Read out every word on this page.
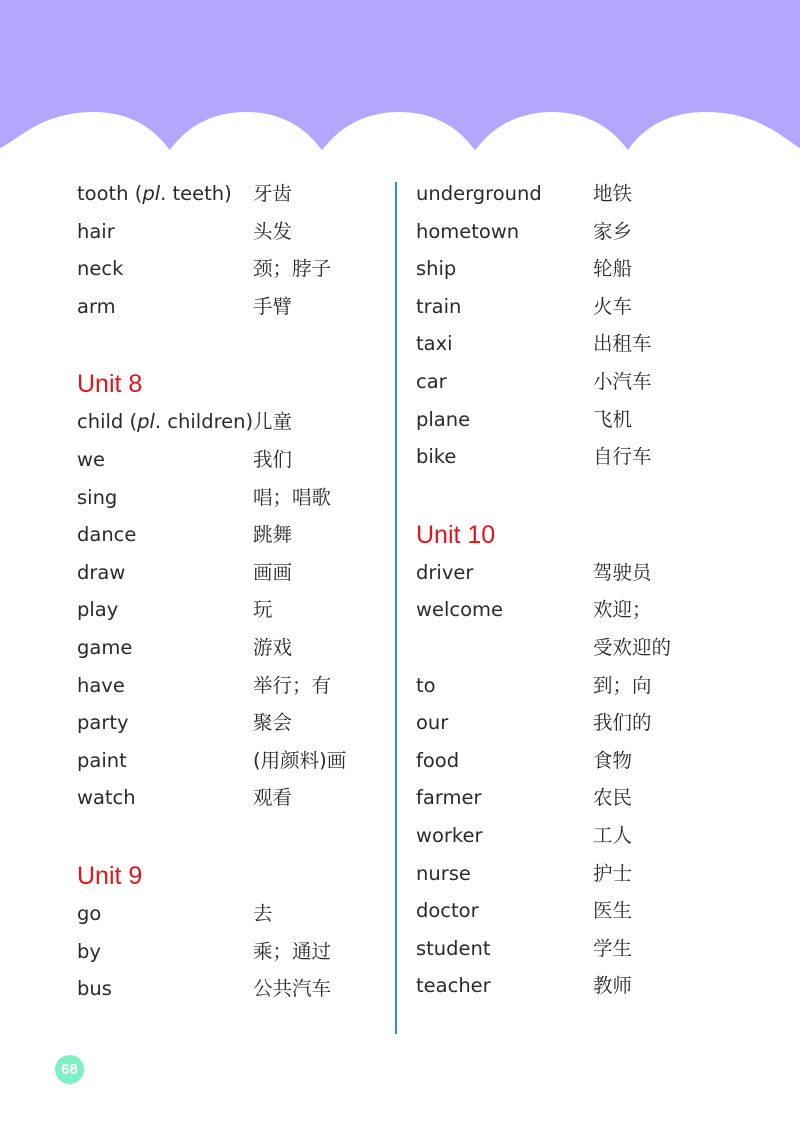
tooth (pl. teeth) 牙齿
hair	头发
neck	颈；脖子
arm	手臂
Unit 8
child (pl. children) 儿童
we	我们
sing	唱；唱歌
dance	跳舞
draw	画画
play	玩
game	游戏
have	举行；有
party	聚会
paint	(用颜料)画
watch	观看
Unit 9
go	去
by	乘；通过
bus	公共汽车
underground	地铁
hometown	家乡
ship	轮船
train	火车
taxi	出租车
car	小汽车
plane	飞机
bike	自行车
Unit 10
driver	驾驶员
welcome	欢迎；
受欢迎的
to	到；向
our	我们的
food	食物
farmer	农民
worker	工人
nurse	护士
doctor	医生
student	学生
teacher	教师
68
